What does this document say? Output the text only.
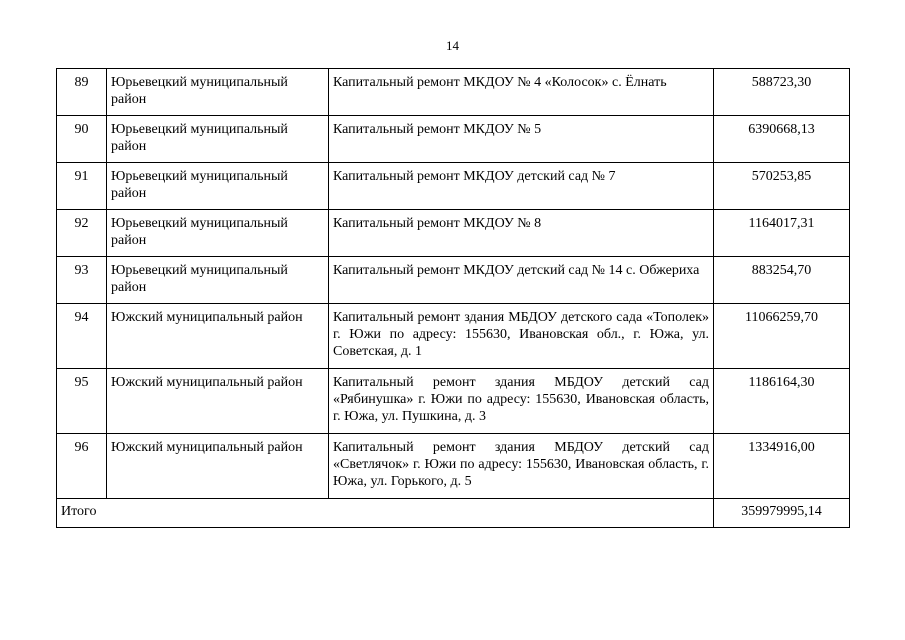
14
89	Юрьевецкий муниципальный район	Капитальный ремонт МКДОУ № 4 «Колосок» с. Ёлнать	588723,30
90	Юрьевецкий муниципальный район	Капитальный ремонт МКДОУ № 5	6390668,13
91	Юрьевецкий муниципальный район	Капитальный ремонт МКДОУ детский сад № 7	570253,85
92	Юрьевецкий муниципальный район	Капитальный ремонт МКДОУ № 8	1164017,31
93	Юрьевецкий муниципальный район	Капитальный ремонт МКДОУ детский сад № 14 с. Обжериха	883254,70
94	Южский муниципальный район	Капитальный ремонт здания МБДОУ детского сада «Тополек» г. Южи по адресу: 155630, Ивановская обл., г. Южа, ул. Советская, д. 1	11066259,70
95	Южский муниципальный район	Капитальный ремонт здания МБДОУ детский сад «Рябинушка» г. Южи по адресу: 155630, Ивановская область, г. Южа, ул. Пушкина, д. 3	1186164,30
96	Южский муниципальный район	Капитальный ремонт здания МБДОУ детский сад «Светлячок» г. Южи по адресу: 155630, Ивановская область, г. Южа, ул. Горького, д. 5	1334916,00
Итого			359979995,14
